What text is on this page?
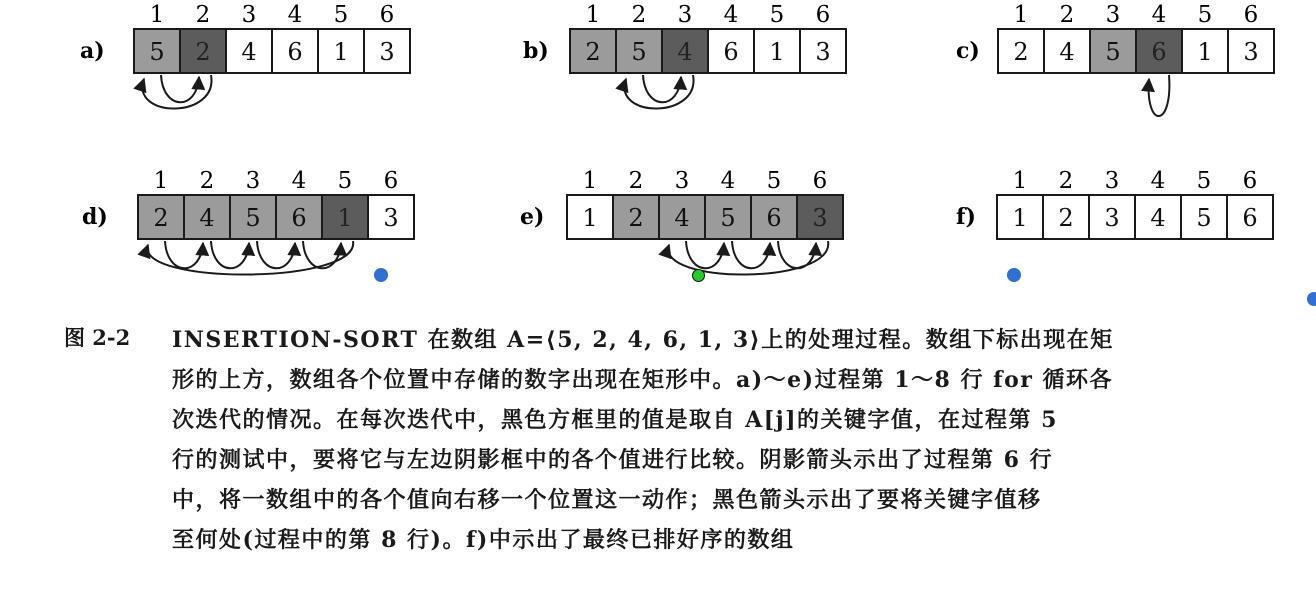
a) 5
1
2
2
4
3
6
4
1
5
3
6
b) 2
1
5
2
4
3
6
4
1
5
3
6
c) 2
1
4
2
5
3
6
4
1
5
3
6
d) 2
1
4
2
5
3
6
4
1
5
3
6
e) 1
1
2
2
4
3
5
4
6
5
3
6
f) 1
1
2
2
3
3
4
4
5
5
6
6
图 2-2 INSERTION-SORT 在数组 A=⟨5, 2, 4, 6, 1, 3⟩上的处理过程。数组下标出现在矩
形的上方，数组各个位置中存储的数字出现在矩形中。a)～e)过程第 1～8 行 for 循环各
次迭代的情况。在每次迭代中，黑色方框里的值是取自 A[j]的关键字值，在过程第 5
行的测试中，要将它与左边阴影框中的各个值进行比较。阴影箭头示出了过程第 6 行
中，将一数组中的各个值向右移一个位置这一动作；黑色箭头示出了要将关键字值移
至何处(过程中的第 8 行)。f)中示出了最终已排好序的数组
